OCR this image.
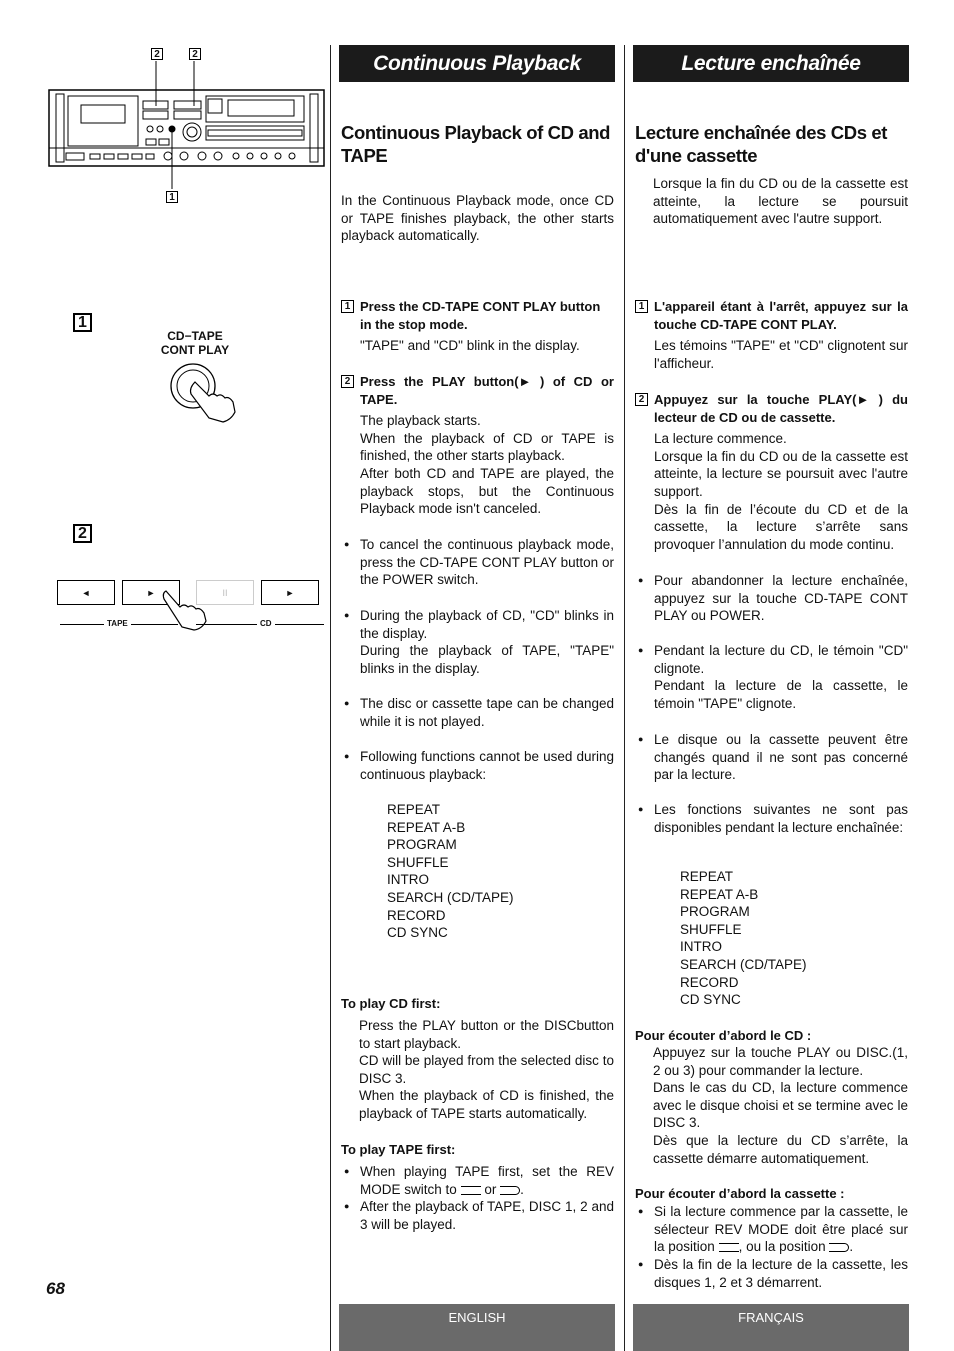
2	2
1
1
CD−TAPE
CONT PLAY
2
◄	►	II	►
TAPE	CD
68
Continuous Playback
Continuous Playback of CD and TAPE
In the Continuous Playback mode, once CD or TAPE finishes playback, the other starts playback automatically.
1 Press the CD-TAPE CONT PLAY button in the stop mode.
"TAPE" and "CD" blink in the display.
2 Press the PLAY button(► ) of CD or TAPE.
The playback starts.
When the playback of CD or TAPE is finished, the other starts playback.
After both CD and TAPE are played, the playback stops, but the Continuous Playback mode isn't canceled.
● To cancel the continuous playback mode, press the CD-TAPE CONT PLAY button or the POWER switch.
● During the playback of CD, "CD" blinks in the display.
During the playback of TAPE, "TAPE" blinks in the display.
● The disc or cassette tape can be changed while it is not played.
● Following functions cannot be used during continuous playback:
REPEAT
REPEAT A-B
PROGRAM
SHUFFLE
INTRO
SEARCH (CD/TAPE)
RECORD
CD SYNC
To play CD first:
Press the PLAY button or the DISCbutton to start playback.
CD will be played from the selected disc to DISC 3.
When the playback of CD is finished, the playback of TAPE starts automatically.
To play TAPE first:
● When playing TAPE first, set the REV MODE switch to or .
● After the playback of TAPE, DISC 1, 2 and 3 will be played.
ENGLISH
Lecture enchaînée
Lecture enchaînée des CDs et d'une cassette
Lorsque la fin du CD ou de la cassette est atteinte, la lecture se poursuit automatiquement avec l'autre support.
1 L'appareil étant à l'arrêt, appuyez sur la touche CD-TAPE CONT PLAY.
Les témoins "TAPE" et "CD" clignotent sur l'afficheur.
2 Appuyez sur la touche PLAY(► ) du lecteur de CD ou de cassette.
La lecture commence.
Lorsque la fin du CD ou de la cassette est atteinte, la lecture se poursuit avec l'autre support.
Dès la fin de l’écoute du CD et de la cassette, la lecture s’arrête sans provoquer l’annulation du mode continu.
● Pour abandonner la lecture enchaînée, appuyez sur la touche CD-TAPE CONT PLAY ou POWER.
● Pendant la lecture du CD, le témoin "CD" clignote.
Pendant la lecture de la cassette, le témoin "TAPE" clignote.
● Le disque ou la cassette peuvent être changés quand il ne sont pas concerné par la lecture.
● Les fonctions suivantes ne sont pas disponibles pendant la lecture enchaînée:
REPEAT
REPEAT A-B
PROGRAM
SHUFFLE
INTRO
SEARCH (CD/TAPE)
RECORD
CD SYNC
Pour écouter d’abord le CD :
Appuyez sur la touche PLAY ou DISC.(1, 2 ou 3) pour commander la lecture.
Dans le cas du CD, la lecture commence avec le disque choisi et se termine avec le DISC 3.
Dès que la lecture du CD s’arrête, la cassette démarre automatiquement.
Pour écouter d’abord la cassette :
● Si la lecture commence par la cassette, le sélecteur REV MODE doit être placé sur la position , ou la position .
● Dès la fin de la lecture de la cassette, les disques 1, 2 et 3 démarrent.
FRANÇAIS
